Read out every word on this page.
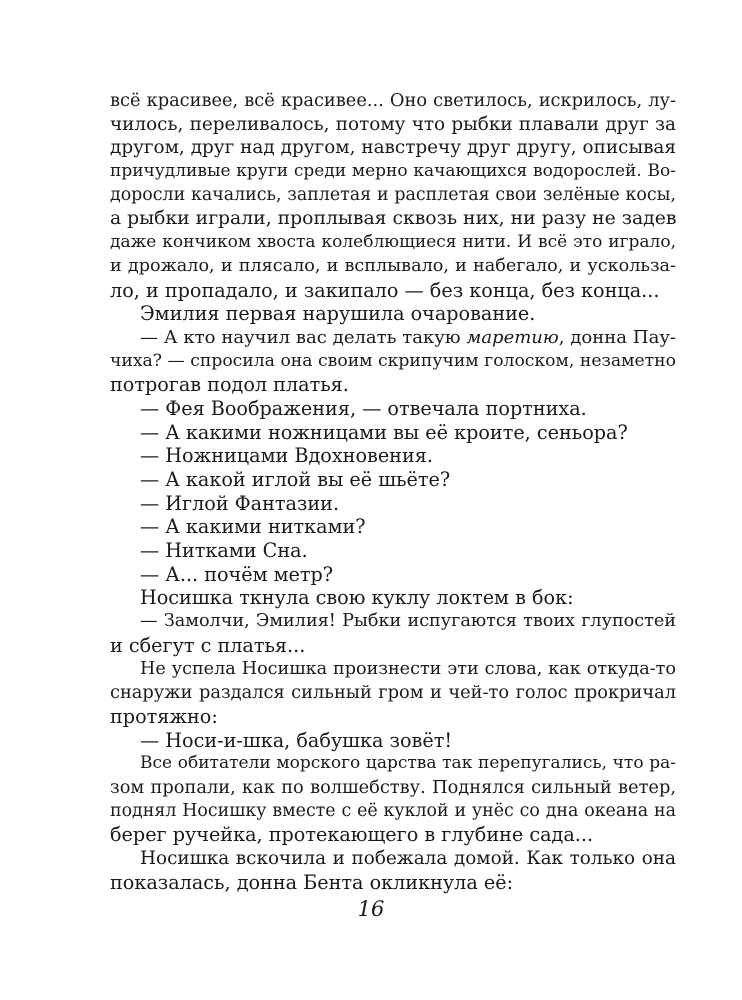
всё красивее, всё красивее... Оно светилось, искрилось, лу-
чилось, переливалось, потому что рыбки плавали друг за
другом, друг над другом, навстречу друг другу, описывая
причудливые круги среди мерно качающихся водорослей. Во-
доросли качались, заплетая и расплетая свои зелёные косы,
а рыбки играли, проплывая сквозь них, ни разу не задев
даже кончиком хвоста колеблющиеся нити. И всё это играло,
и дрожало, и плясало, и всплывало, и набегало, и ускольза-
ло, и пропадало, и закипало — без конца, без конца...
Эмилия первая нарушила очарование.
— А кто научил вас делать такую маретию, донна Пау-
чиха? — спросила она своим скрипучим голоском, незаметно
потрогав подол платья.
— Фея Воображения, — отвечала портниха.
— А какими ножницами вы её кроите, сеньора?
— Ножницами Вдохновения.
— А какой иглой вы её шьёте?
— Иглой Фантазии.
— А какими нитками?
— Нитками Сна.
— А... почём метр?
Носишка ткнула свою куклу локтем в бок:
— Замолчи, Эмилия! Рыбки испугаются твоих глупостей
и сбегут с платья...
Не успела Носишка произнести эти слова, как откуда-то
снаружи раздался сильный гром и чей-то голос прокричал
протяжно:
— Носи-и-шка, бабушка зовёт!
Все обитатели морского царства так перепугались, что ра-
зом пропали, как по волшебству. Поднялся сильный ветер,
поднял Носишку вместе с её куклой и унёс со дна океана на
берег ручейка, протекающего в глубине сада...
Носишка вскочила и побежала домой. Как только она
показалась, донна Бента окликнула её:
16
